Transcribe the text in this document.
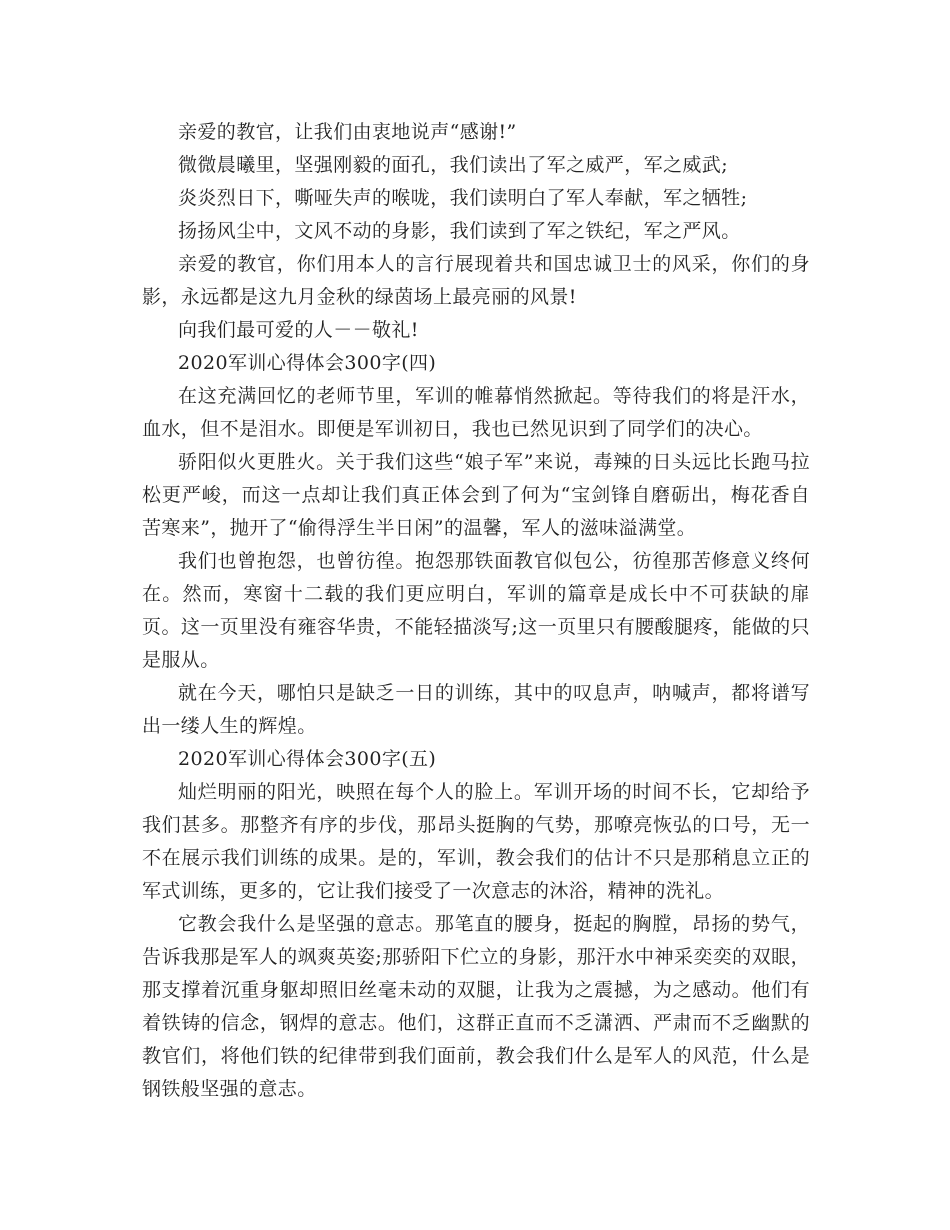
亲爱的教官，让我们由衷地说声“感谢!”

微微晨曦里，坚强刚毅的面孔，我们读出了军之威严，军之威武;

炎炎烈日下，嘶哑失声的喉咙，我们读明白了军人奉献，军之牺牲;

扬扬风尘中，文风不动的身影，我们读到了军之铁纪，军之严风。

亲爱的教官，你们用本人的言行展现着共和国忠诚卫士的风采，你们的身影，永远都是这九月金秋的绿茵场上最亮丽的风景!

向我们最可爱的人－－敬礼!

2020军训心得体会300字(四)

在这充满回忆的老师节里，军训的帷幕悄然掀起。等待我们的将是汗水，血水，但不是泪水。即便是军训初日，我也已然见识到了同学们的决心。

骄阳似火更胜火。关于我们这些“娘子军”来说，毒辣的日头远比长跑马拉松更严峻，而这一点却让我们真正体会到了何为“宝剑锋自磨砺出，梅花香自苦寒来”，抛开了“偷得浮生半日闲”的温馨，军人的滋味溢满堂。

我们也曾抱怨，也曾彷徨。抱怨那铁面教官似包公，彷徨那苦修意义终何在。然而，寒窗十二载的我们更应明白，军训的篇章是成长中不可获缺的扉页。这一页里没有雍容华贵，不能轻描淡写;这一页里只有腰酸腿疼，能做的只是服从。

就在今天，哪怕只是缺乏一日的训练，其中的叹息声，呐喊声，都将谱写出一缕人生的辉煌。

2020军训心得体会300字(五)

灿烂明丽的阳光，映照在每个人的脸上。军训开场的时间不长，它却给予我们甚多。那整齐有序的步伐，那昂头挺胸的气势，那嘹亮恢弘的口号，无一不在展示我们训练的成果。是的，军训，教会我们的估计不只是那稍息立正的军式训练，更多的，它让我们接受了一次意志的沐浴，精神的洗礼。

它教会我什么是坚强的意志。那笔直的腰身，挺起的胸膛，昂扬的势气，告诉我那是军人的飒爽英姿;那骄阳下伫立的身影，那汗水中神采奕奕的双眼，那支撑着沉重身躯却照旧丝毫未动的双腿，让我为之震撼，为之感动。他们有着铁铸的信念，钢焊的意志。他们，这群正直而不乏潇洒、严肃而不乏幽默的教官们，将他们铁的纪律带到我们面前，教会我们什么是军人的风范，什么是钢铁般坚强的意志。
